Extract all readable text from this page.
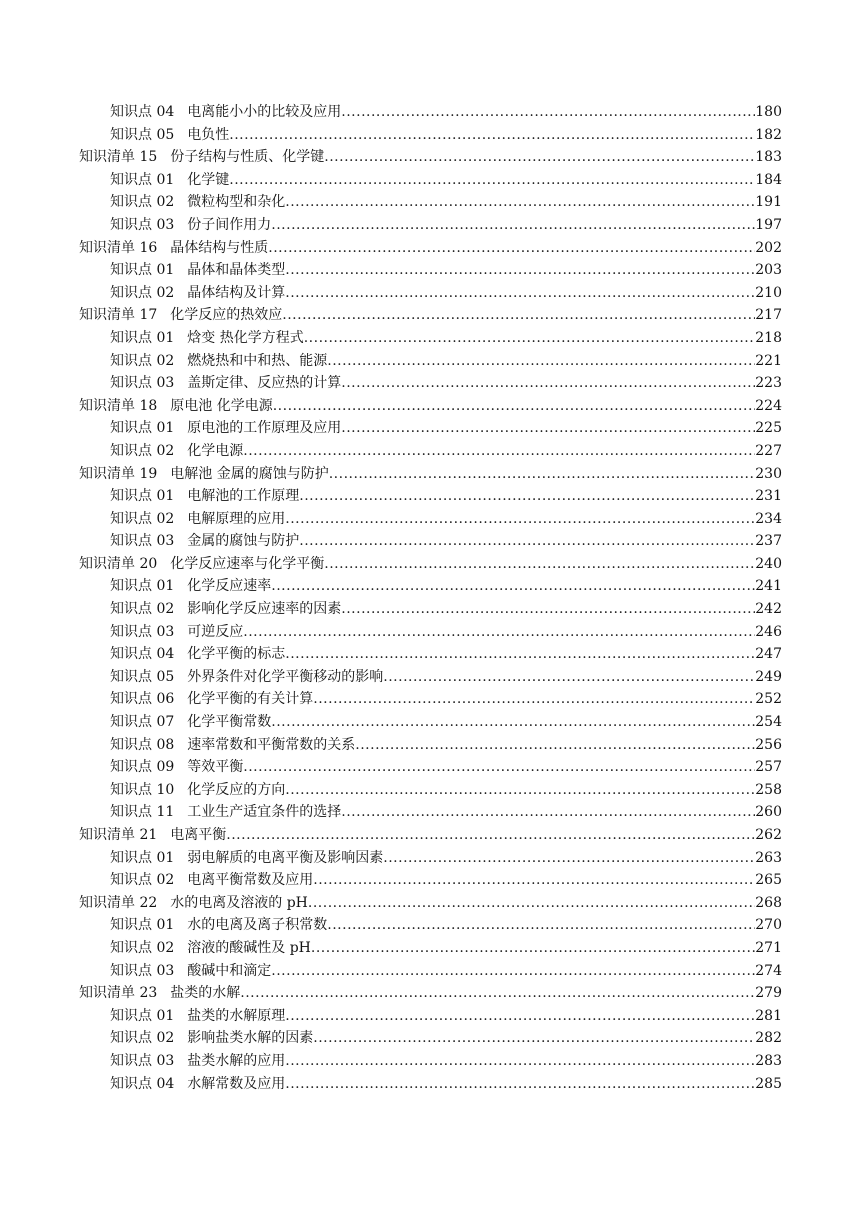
知识点 04 电离能小小的比较及应用 .....	180
知识点 05 电负性 .....	182
知识清单 15 份子结构与性质、化学键 .....	183
知识点 01 化学键 .....	184
知识点 02 微粒构型和杂化 .....	191
知识点 03 份子间作用力 .....	197
知识清单 16 晶体结构与性质 .....	202
知识点 01 晶体和晶体类型 .....	203
知识点 02 晶体结构及计算 .....	210
知识清单 17 化学反应的热效应 .....	217
知识点 01 焓变 热化学方程式 .....	218
知识点 02 燃烧热和中和热、能源 .....	221
知识点 03 盖斯定律、反应热的计算 .....	223
知识清单 18 原电池 化学电源 .....	224
知识点 01 原电池的工作原理及应用 .....	225
知识点 02 化学电源 .....	227
知识清单 19 电解池 金属的腐蚀与防护 .....	230
知识点 01 电解池的工作原理 .....	231
知识点 02 电解原理的应用 .....	234
知识点 03 金属的腐蚀与防护 .....	237
知识清单 20 化学反应速率与化学平衡 .....	240
知识点 01 化学反应速率 .....	241
知识点 02 影响化学反应速率的因素 .....	242
知识点 03 可逆反应 .....	246
知识点 04 化学平衡的标志 .....	247
知识点 05 外界条件对化学平衡移动的影响 .....	249
知识点 06 化学平衡的有关计算 .....	252
知识点 07 化学平衡常数 .....	254
知识点 08 速率常数和平衡常数的关系 .....	256
知识点 09 等效平衡 .....	257
知识点 10 化学反应的方向 .....	258
知识点 11 工业生产适宜条件的选择 .....	260
知识清单 21 电离平衡 .....	262
知识点 01 弱电解质的电离平衡及影响因素 .....	263
知识点 02 电离平衡常数及应用 .....	265
知识清单 22 水的电离及溶液的 pH .....	268
知识点 01 水的电离及离子积常数 .....	270
知识点 02 溶液的酸碱性及 pH .....	271
知识点 03 酸碱中和滴定 .....	274
知识清单 23 盐类的水解 .....	279
知识点 01 盐类的水解原理 .....	281
知识点 02 影响盐类水解的因素 .....	282
知识点 03 盐类水解的应用 .....	283
知识点 04 水解常数及应用 .....	285
